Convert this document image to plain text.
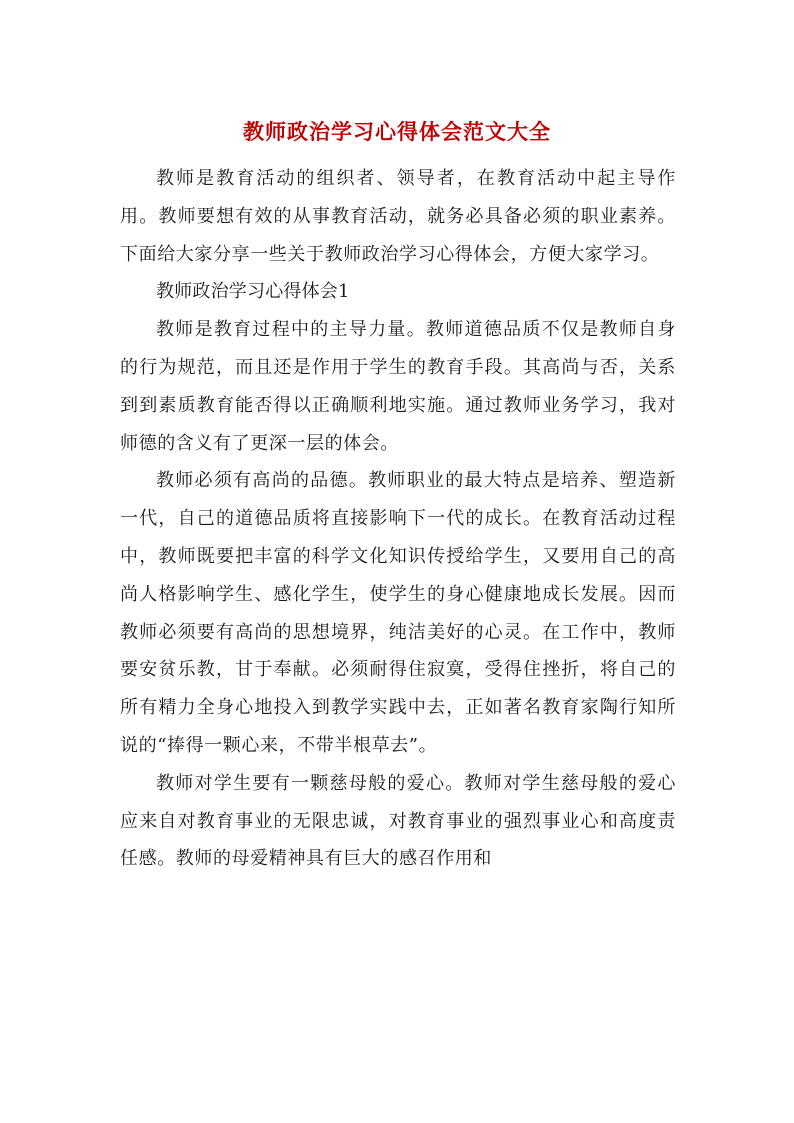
教师政治学习心得体会范文大全

教师是教育活动的组织者、领导者，在教育活动中起主导作用。教师要想有效的从事教育活动，就务必具备必须的职业素养。下面给大家分享一些关于教师政治学习心得体会，方便大家学习。

教师政治学习心得体会1

教师是教育过程中的主导力量。教师道德品质不仅是教师自身的行为规范，而且还是作用于学生的教育手段。其高尚与否，关系到到素质教育能否得以正确顺利地实施。通过教师业务学习，我对师德的含义有了更深一层的体会。

教师必须有高尚的品德。教师职业的最大特点是培养、塑造新一代，自己的道德品质将直接影响下一代的成长。在教育活动过程中，教师既要把丰富的科学文化知识传授给学生，又要用自己的高尚人格影响学生、感化学生，使学生的身心健康地成长发展。因而教师必须要有高尚的思想境界，纯洁美好的心灵。在工作中，教师要安贫乐教，甘于奉献。必须耐得住寂寞，受得住挫折，将自己的所有精力全身心地投入到教学实践中去，正如著名教育家陶行知所说的“捧得一颗心来，不带半根草去”。

教师对学生要有一颗慈母般的爱心。教师对学生慈母般的爱心应来自对教育事业的无限忠诚，对教育事业的强烈事业心和高度责任感。教师的母爱精神具有巨大的感召作用和
